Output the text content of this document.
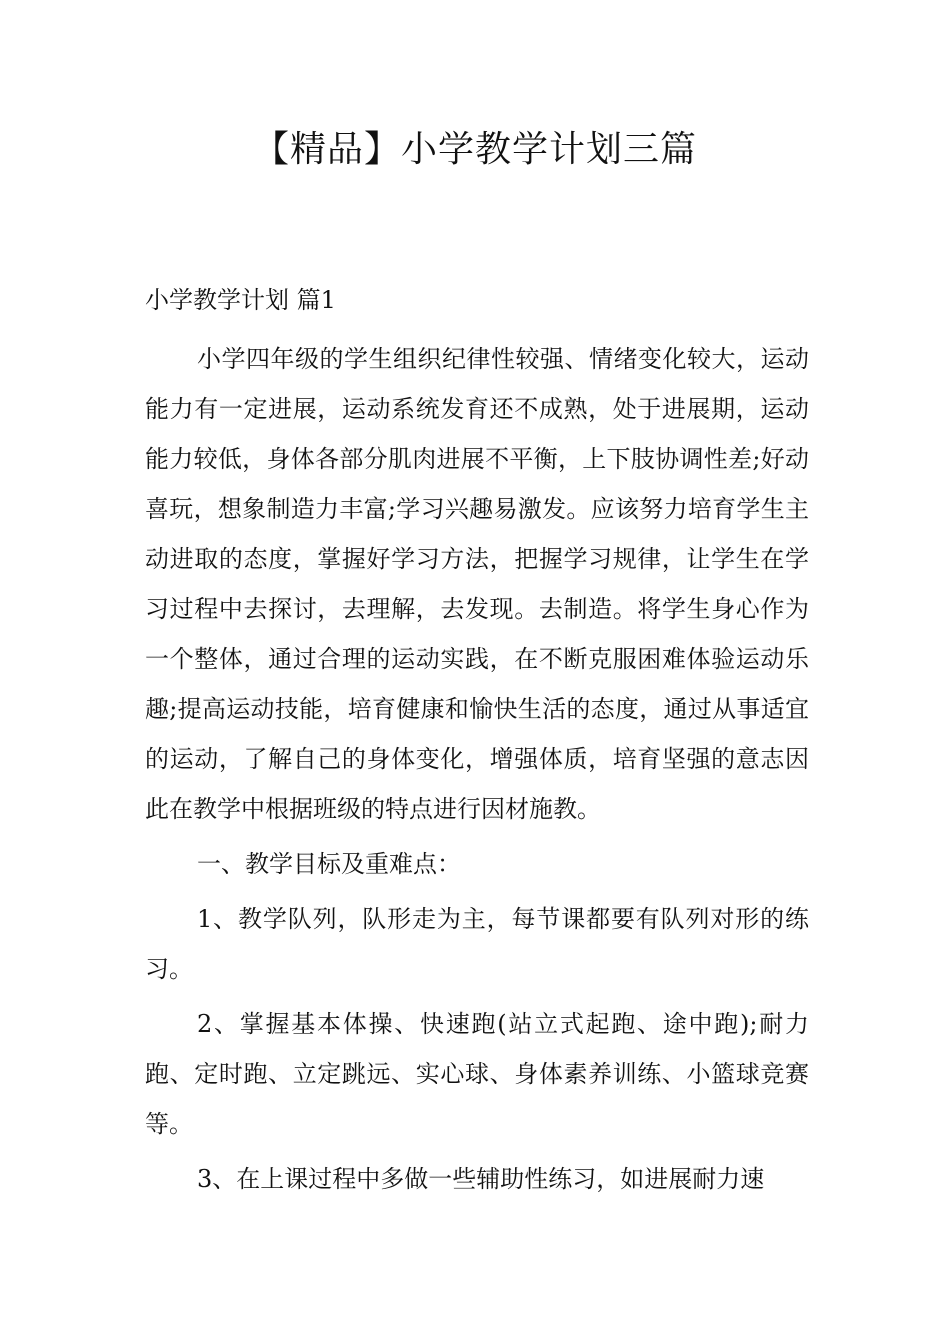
【精品】小学教学计划三篇
小学教学计划 篇1

小学四年级的学生组织纪律性较强、情绪变化较大，运动能力有一定进展，运动系统发育还不成熟，处于进展期，运动能力较低，身体各部分肌肉进展不平衡，上下肢协调性差;好动喜玩，想象制造力丰富;学习兴趣易激发。应该努力培育学生主动进取的态度，掌握好学习方法，把握学习规律，让学生在学习过程中去探讨，去理解，去发现。去制造。将学生身心作为一个整体，通过合理的运动实践，在不断克服困难体验运动乐趣;提高运动技能，培育健康和愉快生活的态度，通过从事适宜的运动，了解自己的身体变化，增强体质，培育坚强的意志因此在教学中根据班级的特点进行因材施教。

一、教学目标及重难点：

1、教学队列，队形走为主，每节课都要有队列对形的练习。

2、掌握基本体操、快速跑(站立式起跑、途中跑);耐力跑、定时跑、立定跳远、实心球、身体素养训练、小篮球竞赛等。

3、在上课过程中多做一些辅助性练习，如进展耐力速
